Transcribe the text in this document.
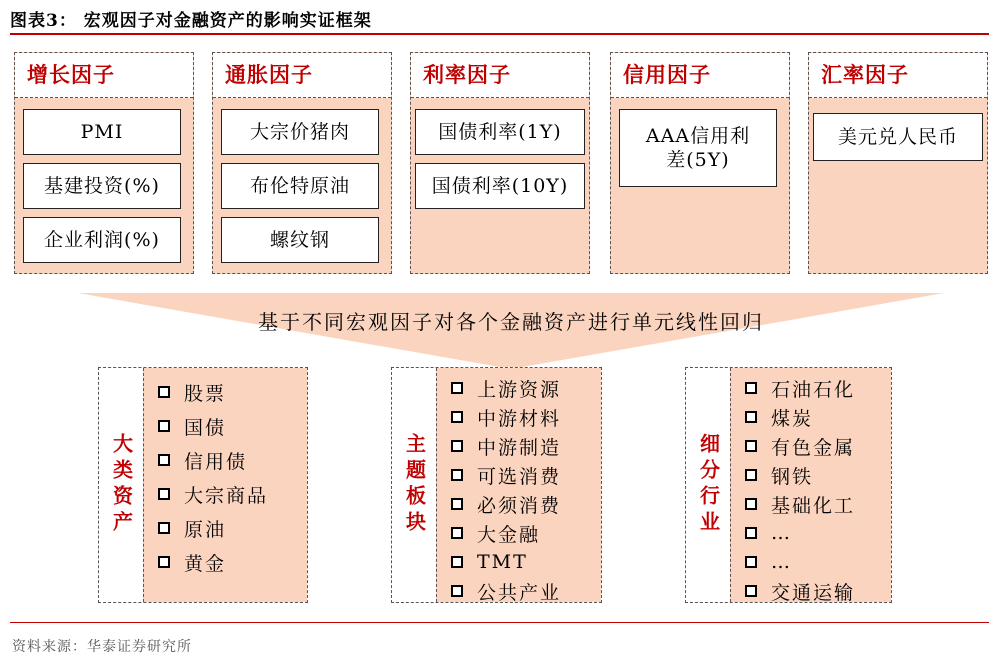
图表3： 宏观因子对金融资产的影响实证框架
增长因子
PMI
基建投资(%)
企业利润(%)
通胀因子
大宗价猪肉
布伦特原油
螺纹钢
利率因子
国债利率(1Y)
国债利率(10Y)
信用因子
AAA信用利差(5Y)
汇率因子
美元兑人民币
基于不同宏观因子对各个金融资产进行单元线性回归
大类资产
股票
国债
信用债
大宗商品
原油
黄金
主题板块
上游资源
中游材料
中游制造
可选消费
必须消费
大金融
TMT
公共产业
细分行业
石油石化
煤炭
有色金属
钢铁
基础化工
…
…
交通运输
资料来源：华泰证券研究所
